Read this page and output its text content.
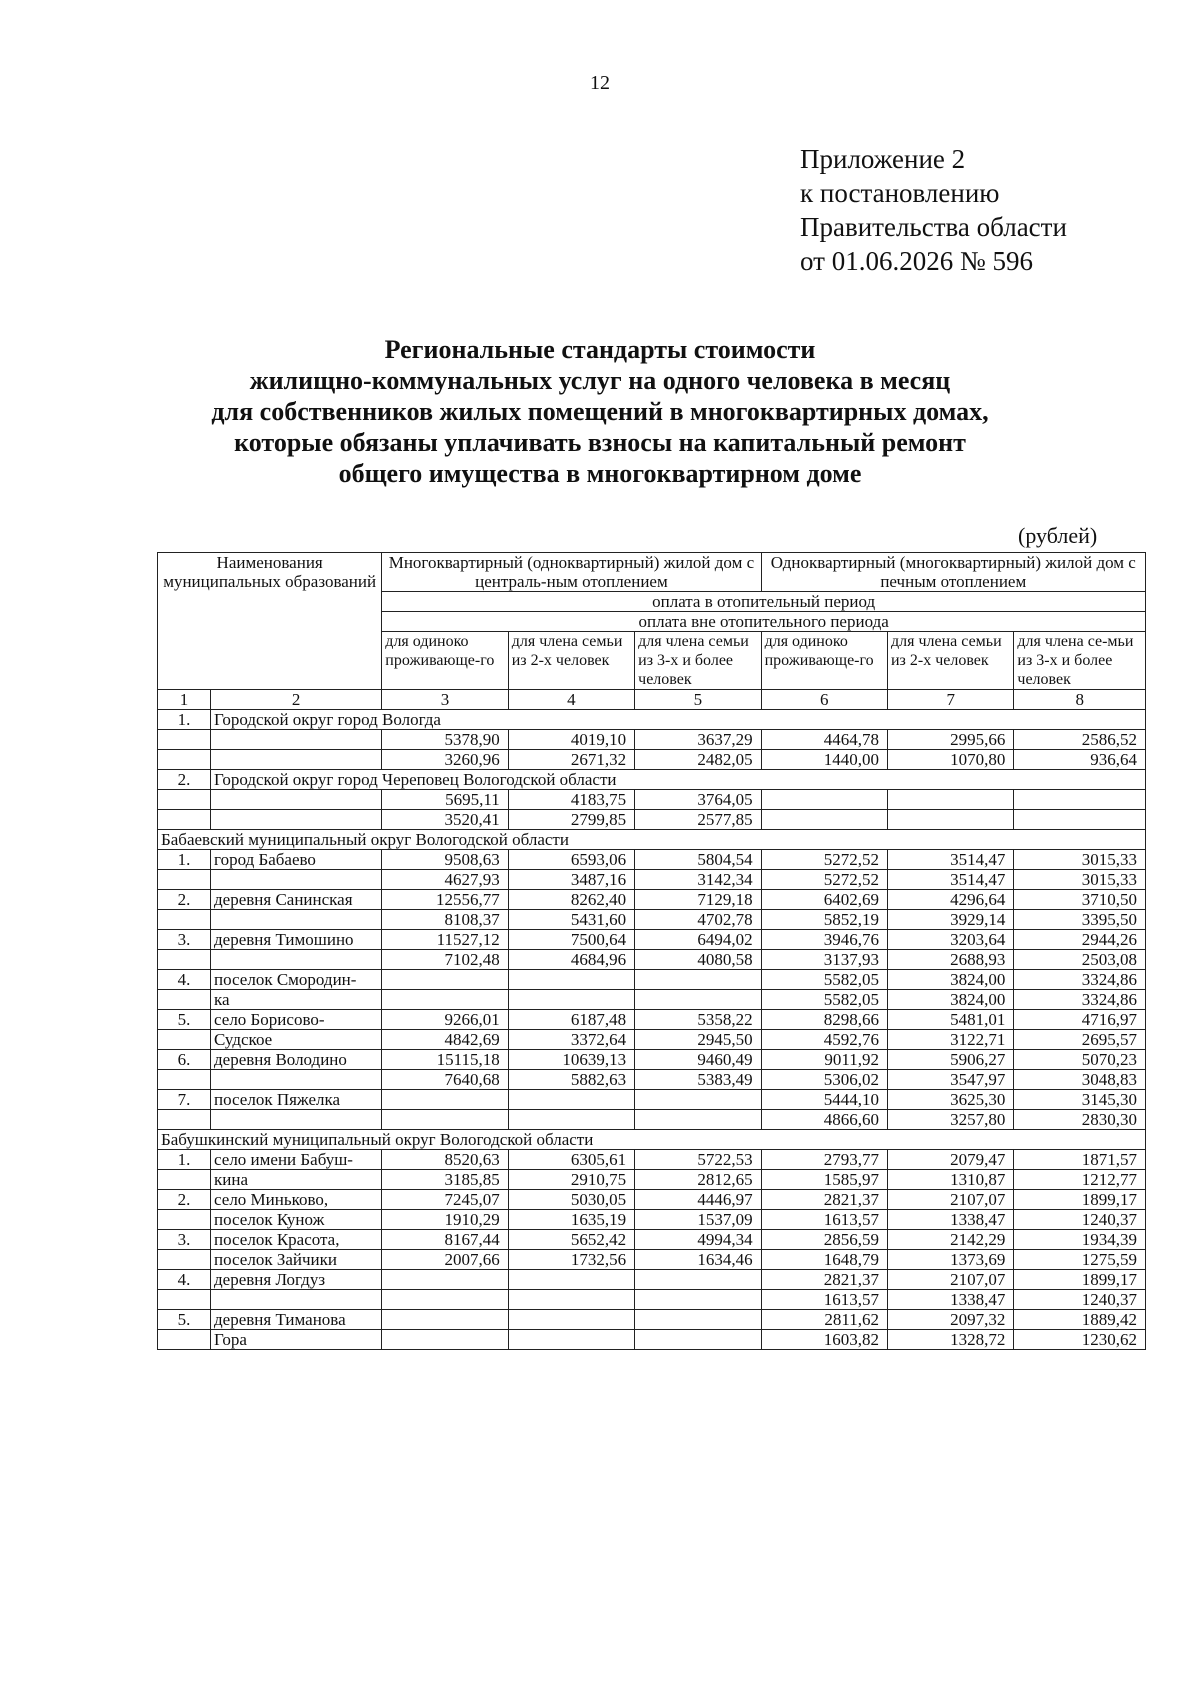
12
Приложение 2
к постановлению
Правительства области
от 01.06.2026 № 596
Региональные стандарты стоимости
жилищно-коммунальных услуг на одного человека в месяц
для собственников жилых помещений в многоквартирных домах,
которые обязаны уплачивать взносы на капитальный ремонт
общего имущества в многоквартирном доме
(рублей)
Наименования муниципальных образований		Многоквартирный (одноквартирный) жилой дом с централь-ным отоплением			Одноквартирный (многоквартирный) жилой дом с печным отоплением		
		оплата в отопительный период					
		оплата вне отопительного периода					
		для одиноко проживающе-го	для члена семьи из 2-х человек	для члена семьи из 3-х и более человек	для одиноко проживающе-го	для члена семьи из 2-х человек	для члена се-мьи из 3-х и более человек
1	2	3	4	5	6	7	8
1.	Городской округ город Вологда						
		5378,90	4019,10	3637,29	4464,78	2995,66	2586,52
		3260,96	2671,32	2482,05	1440,00	1070,80	936,64
2.	Городской округ город Череповец Вологодской области						
		5695,11	4183,75	3764,05			
		3520,41	2799,85	2577,85			
Бабаевский муниципальный округ Вологодской области							
1.	город Бабаево	9508,63	6593,06	5804,54	5272,52	3514,47	3015,33
		4627,93	3487,16	3142,34	5272,52	3514,47	3015,33
2.	деревня Санинская	12556,77	8262,40	7129,18	6402,69	4296,64	3710,50
		8108,37	5431,60	4702,78	5852,19	3929,14	3395,50
3.	деревня Тимошино	11527,12	7500,64	6494,02	3946,76	3203,64	2944,26
		7102,48	4684,96	4080,58	3137,93	2688,93	2503,08
4.	поселок Смородин-				5582,05	3824,00	3324,86
	ка				5582,05	3824,00	3324,86
5.	село Борисово-	9266,01	6187,48	5358,22	8298,66	5481,01	4716,97
	Судское	4842,69	3372,64	2945,50	4592,76	3122,71	2695,57
6.	деревня Володино	15115,18	10639,13	9460,49	9011,92	5906,27	5070,23
		7640,68	5882,63	5383,49	5306,02	3547,97	3048,83
7.	поселок Пяжелка				5444,10	3625,30	3145,30
					4866,60	3257,80	2830,30
Бабушкинский муниципальный округ Вологодской области							
1.	село имени Бабуш-	8520,63	6305,61	5722,53	2793,77	2079,47	1871,57
	кина	3185,85	2910,75	2812,65	1585,97	1310,87	1212,77
2.	село Миньково,	7245,07	5030,05	4446,97	2821,37	2107,07	1899,17
	поселок Кунож	1910,29	1635,19	1537,09	1613,57	1338,47	1240,37
3.	поселок Красота,	8167,44	5652,42	4994,34	2856,59	2142,29	1934,39
	поселок Зайчики	2007,66	1732,56	1634,46	1648,79	1373,69	1275,59
4.	деревня Логдуз				2821,37	2107,07	1899,17
					1613,57	1338,47	1240,37
5.	деревня Тиманова				2811,62	2097,32	1889,42
	Гора				1603,82	1328,72	1230,62
